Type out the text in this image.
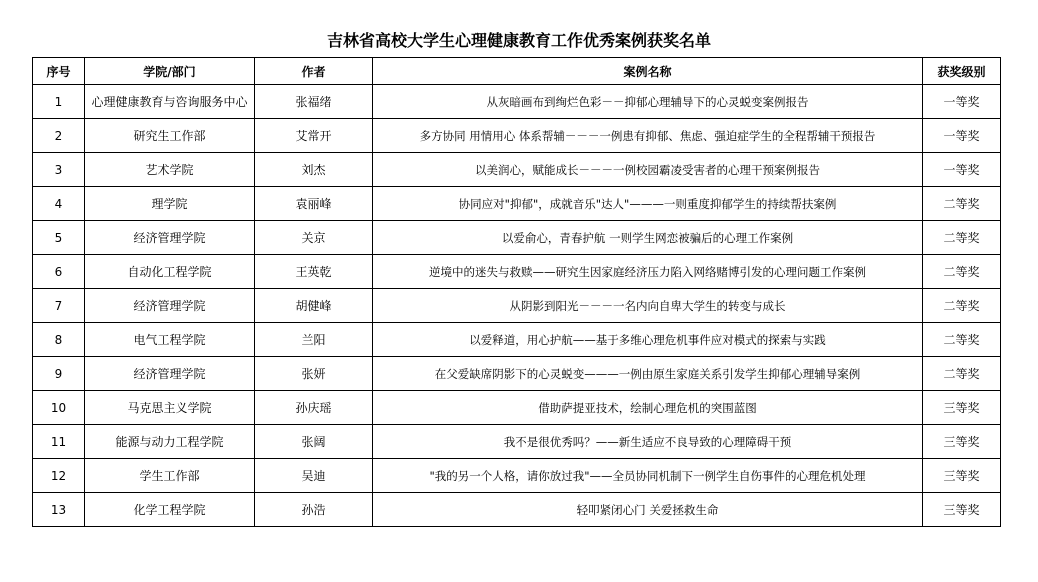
吉林省高校大学生心理健康教育工作优秀案例获奖名单
序号	学院/部门	作者	案例名称	获奖级别
1	心理健康教育与咨询服务中心	张福绪	从灰暗画布到绚烂色彩－－抑郁心理辅导下的心灵蜕变案例报告	一等奖
2	研究生工作部	艾常开	多方协同 用情用心 体系帮辅－－－一例患有抑郁、焦虑、强迫症学生的全程帮辅干预报告	一等奖
3	艺术学院	刘杰	以美润心，赋能成长－－－一例校园霸凌受害者的心理干预案例报告	一等奖
4	理学院	袁丽峰	协同应对"抑郁"，成就音乐"达人"———一则重度抑郁学生的持续帮扶案例	二等奖
5	经济管理学院	关京	以爱俞心，青春护航 一则学生网恋被骗后的心理工作案例	二等奖
6	自动化工程学院	王英乾	逆境中的迷失与救赎——研究生因家庭经济压力陷入网络赌博引发的心理问题工作案例	二等奖
7	经济管理学院	胡健峰	从阴影到阳光－－－一名内向自卑大学生的转变与成长	二等奖
8	电气工程学院	兰阳	以爱释道，用心护航——基于多维心理危机事件应对模式的探索与实践	二等奖
9	经济管理学院	张妍	在父爱缺席阴影下的心灵蜕变———一例由原生家庭关系引发学生抑郁心理辅导案例	二等奖
10	马克思主义学院	孙庆瑶	借助萨提亚技术，绘制心理危机的突围蓝图	三等奖
11	能源与动力工程学院	张阔	我不是很优秀吗？——新生适应不良导致的心理障碍干预	三等奖
12	学生工作部	吴迪	"我的另一个人格，请你放过我"——全员协同机制下一例学生自伤事件的心理危机处理	三等奖
13	化学工程学院	孙浩	轻叩紧闭心门 关爱拯救生命	三等奖
